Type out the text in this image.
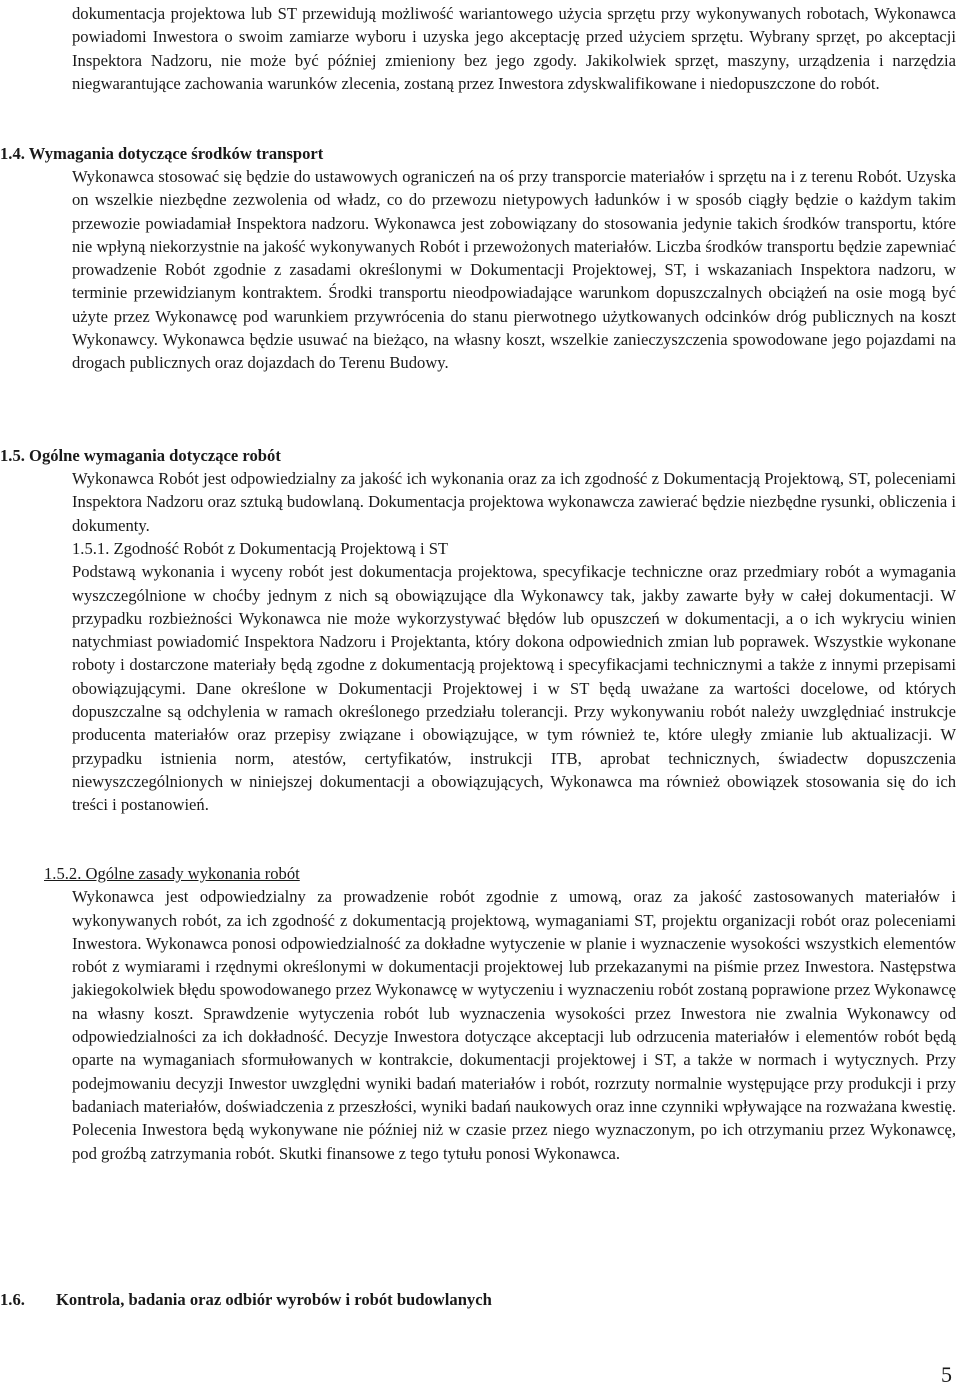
dokumentacja projektowa lub ST przewidują możliwość wariantowego użycia sprzętu przy wykonywanych robotach, Wykonawca powiadomi Inwestora o swoim zamiarze wyboru i uzyska jego akceptację przed użyciem sprzętu. Wybrany sprzęt, po akceptacji Inspektora Nadzoru, nie może być później zmieniony bez jego zgody. Jakikolwiek sprzęt, maszyny, urządzenia i narzędzia niegwarantujące zachowania warunków zlecenia, zostaną przez Inwestora zdyskwalifikowane i niedopuszczone do robót.

1.4. Wymagania dotyczące środków transport

Wykonawca stosować się będzie do ustawowych ograniczeń na oś przy transporcie materiałów i sprzętu na i z terenu Robót. Uzyska on wszelkie niezbędne zezwolenia od władz, co do przewozu nietypowych ładunków i w sposób ciągły będzie o każdym takim przewozie powiadamiał Inspektora nadzoru. Wykonawca jest zobowiązany do stosowania jedynie takich środków transportu, które nie wpłyną niekorzystnie na jakość wykonywanych Robót i przewożonych materiałów. Liczba środków transportu będzie zapewniać prowadzenie Robót zgodnie z zasadami określonymi w Dokumentacji Projektowej, ST, i wskazaniach Inspektora nadzoru, w terminie przewidzianym kontraktem. Środki transportu nieodpowiadające warunkom dopuszczalnych obciążeń na osie mogą być użyte przez Wykonawcę pod warunkiem przywrócenia do stanu pierwotnego użytkowanych odcinków dróg publicznych na koszt Wykonawcy. Wykonawca będzie usuwać na bieżąco, na własny koszt, wszelkie zanieczyszczenia spowodowane jego pojazdami na drogach publicznych oraz dojazdach do Terenu Budowy.

1.5. Ogólne wymagania dotyczące robót

Wykonawca Robót jest odpowiedzialny za jakość ich wykonania oraz za ich zgodność z Dokumentacją Projektową, ST, poleceniami Inspektora Nadzoru oraz sztuką budowlaną. Dokumentacja projektowa wykonawcza zawierać będzie niezbędne rysunki, obliczenia i dokumenty.

1.5.1. Zgodność Robót z Dokumentacją Projektową i ST

Podstawą wykonania i wyceny robót jest dokumentacja projektowa, specyfikacje techniczne oraz przedmiary robót a wymagania wyszczególnione w choćby jednym z nich są obowiązujące dla Wykonawcy tak, jakby zawarte były w całej dokumentacji. W przypadku rozbieżności Wykonawca nie może wykorzystywać błędów lub opuszczeń w dokumentacji, a o ich wykryciu winien natychmiast powiadomić Inspektora Nadzoru i Projektanta, który dokona odpowiednich zmian lub poprawek. Wszystkie wykonane roboty i dostarczone materiały będą zgodne z dokumentacją projektową i specyfikacjami technicznymi a także z innymi przepisami obowiązującymi. Dane określone w Dokumentacji Projektowej i w ST będą uważane za wartości docelowe, od których dopuszczalne są odchylenia w ramach określonego przedziału tolerancji. Przy wykonywaniu robót należy uwzględniać instrukcje producenta materiałów oraz przepisy związane i obowiązujące, w tym również te, które uległy zmianie lub aktualizacji. W przypadku istnienia norm, atestów, certyfikatów, instrukcji ITB, aprobat technicznych, świadectw dopuszczenia niewyszczególnionych w niniejszej dokumentacji a obowiązujących, Wykonawca ma również obowiązek stosowania się do ich treści i postanowień.

1.5.2. Ogólne zasady wykonania robót

Wykonawca jest odpowiedzialny za prowadzenie robót zgodnie z umową, oraz za jakość zastosowanych materiałów i wykonywanych robót, za ich zgodność z dokumentacją projektową, wymaganiami ST, projektu organizacji robót oraz poleceniami Inwestora. Wykonawca ponosi odpowiedzialność za dokładne wytyczenie w planie i wyznaczenie wysokości wszystkich elementów robót z wymiarami i rzędnymi określonymi w dokumentacji projektowej lub przekazanymi na piśmie przez Inwestora. Następstwa jakiegokolwiek błędu spowodowanego przez Wykonawcę w wytyczeniu i wyznaczeniu robót zostaną poprawione przez Wykonawcę na własny koszt. Sprawdzenie wytyczenia robót lub wyznaczenia wysokości przez Inwestora nie zwalnia Wykonawcy od odpowiedzialności za ich dokładność. Decyzje Inwestora dotyczące akceptacji lub odrzucenia materiałów i elementów robót będą oparte na wymaganiach sformułowanych w kontrakcie, dokumentacji projektowej i ST, a także w normach i wytycznych. Przy podejmowaniu decyzji Inwestor uwzględni wyniki badań materiałów i robót, rozrzuty normalnie występujące przy produkcji i przy badaniach materiałów, doświadczenia z przeszłości, wyniki badań naukowych oraz inne czynniki wpływające na rozważana kwestię. Polecenia Inwestora będą wykonywane nie później niż w czasie przez niego wyznaczonym, po ich otrzymaniu przez Wykonawcę, pod groźbą zatrzymania robót. Skutki finansowe z tego tytułu ponosi Wykonawca.

1.6. Kontrola, badania oraz odbiór wyrobów i robót budowlanych
5
